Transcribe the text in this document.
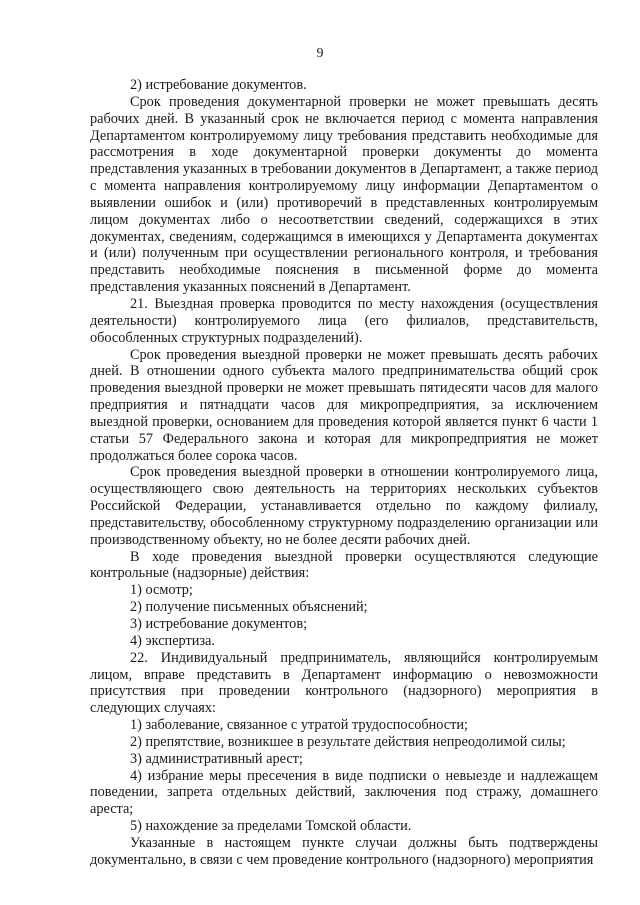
9

2) истребование документов.

Срок проведения документарной проверки не может превышать десять рабочих дней. В указанный срок не включается период с момента направления Департаментом контролируемому лицу требования представить необходимые для рассмотрения в ходе документарной проверки документы до момента представления указанных в требовании документов в Департамент, а также период с момента направления контролируемому лицу информации Департаментом о выявлении ошибок и (или) противоречий в представленных контролируемым лицом документах либо о несоответствии сведений, содержащихся в этих документах, сведениям, содержащимся в имеющихся у Департамента документах и (или) полученным при осуществлении регионального контроля, и требования представить необходимые пояснения в письменной форме до момента представления указанных пояснений в Департамент.

21. Выездная проверка проводится по месту нахождения (осуществления деятельности) контролируемого лица (его филиалов, представительств, обособленных структурных подразделений).

Срок проведения выездной проверки не может превышать десять рабочих дней. В отношении одного субъекта малого предпринимательства общий срок проведения выездной проверки не может превышать пятидесяти часов для малого предприятия и пятнадцати часов для микропредприятия, за исключением выездной проверки, основанием для проведения которой является пункт 6 части 1 статьи 57 Федерального закона и которая для микропредприятия не может продолжаться более сорока часов.

Срок проведения выездной проверки в отношении контролируемого лица, осуществляющего свою деятельность на территориях нескольких субъектов Российской Федерации, устанавливается отдельно по каждому филиалу, представительству, обособленному структурному подразделению организации или производственному объекту, но не более десяти рабочих дней.

В ходе проведения выездной проверки осуществляются следующие контрольные (надзорные) действия:

1) осмотр;

2) получение письменных объяснений;

3) истребование документов;

4) экспертиза.

22. Индивидуальный предприниматель, являющийся контролируемым лицом, вправе представить в Департамент информацию о невозможности присутствия при проведении контрольного (надзорного) мероприятия в следующих случаях:

1) заболевание, связанное с утратой трудоспособности;

2) препятствие, возникшее в результате действия непреодолимой силы;

3) административный арест;

4) избрание меры пресечения в виде подписки о невыезде и надлежащем поведении, запрета отдельных действий, заключения под стражу, домашнего ареста;

5) нахождение за пределами Томской области.

Указанные в настоящем пункте случаи должны быть подтверждены документально, в связи с чем проведение контрольного (надзорного) мероприятия
